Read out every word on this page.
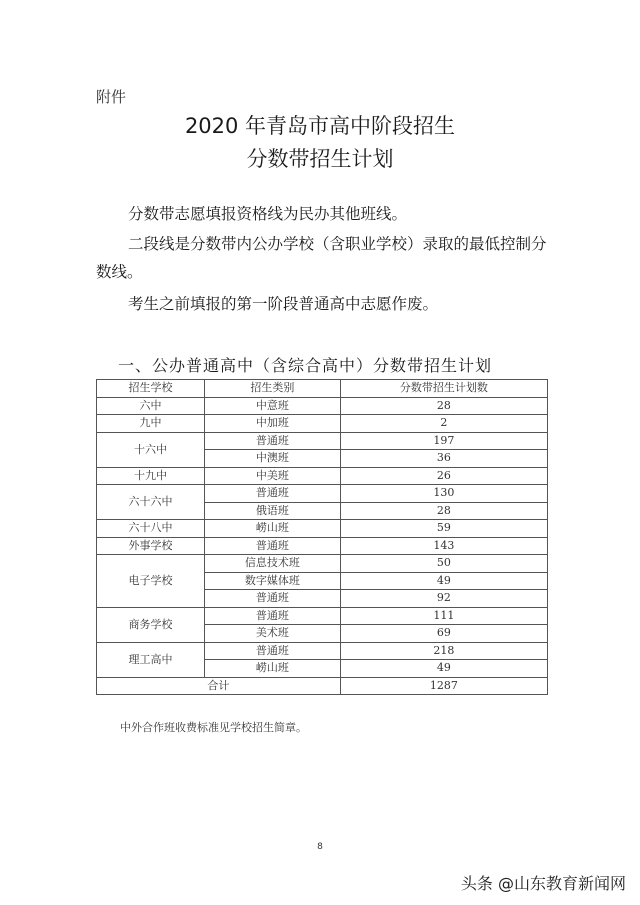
附件
2020 年青岛市高中阶段招生
分数带招生计划
分数带志愿填报资格线为民办其他班线。
二段线是分数带内公办学校（含职业学校）录取的最低控制分数线。
考生之前填报的第一阶段普通高中志愿作废。
一、公办普通高中（含综合高中）分数带招生计划
招生学校	招生类别	分数带招生计划数
六中	中意班	28
九中	中加班	2
十六中	普通班	197
	中澳班	36
十九中	中美班	26
六十六中	普通班	130
	俄语班	28
六十八中	崂山班	59
外事学校	普通班	143
电子学校	信息技术班	50
	数字媒体班	49
	普通班	92
商务学校	普通班	111
	美术班	69
理工高中	普通班	218
	崂山班	49
合计		1287
中外合作班收费标准见学校招生简章。
8
头条 @山东教育新闻网
